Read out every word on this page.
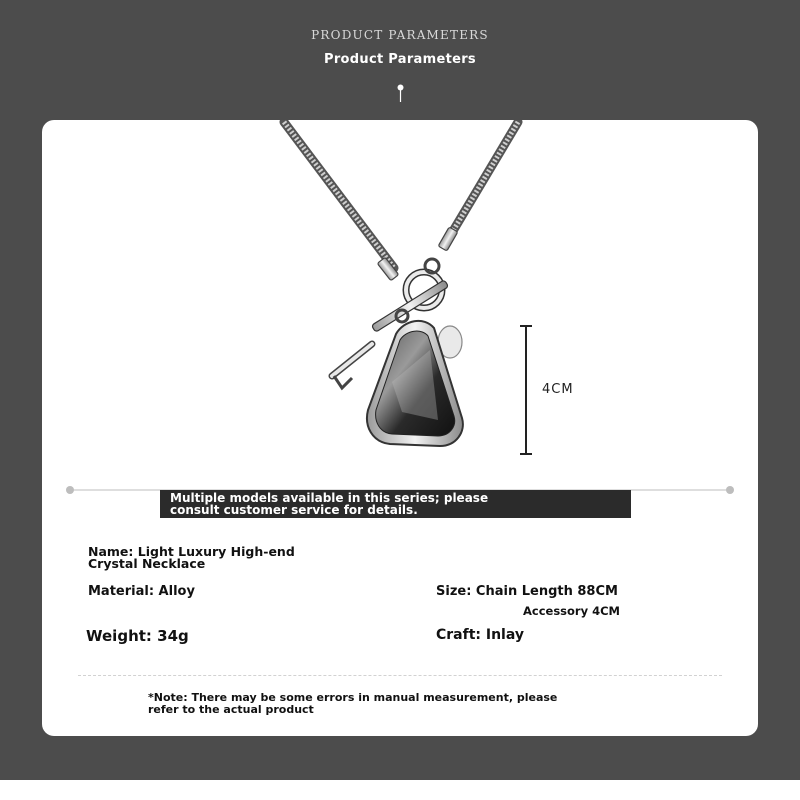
PRODUCT PARAMETERS
Product Parameters
4CM
Multiple models available in this series; please
consult customer service for details.
Name: Light Luxury High-end
Crystal Necklace
Material: Alloy
Weight: 34g
Size: Chain Length 88CM
Accessory 4CM
Craft: Inlay
*Note: There may be some errors in manual measurement, please
refer to the actual product
